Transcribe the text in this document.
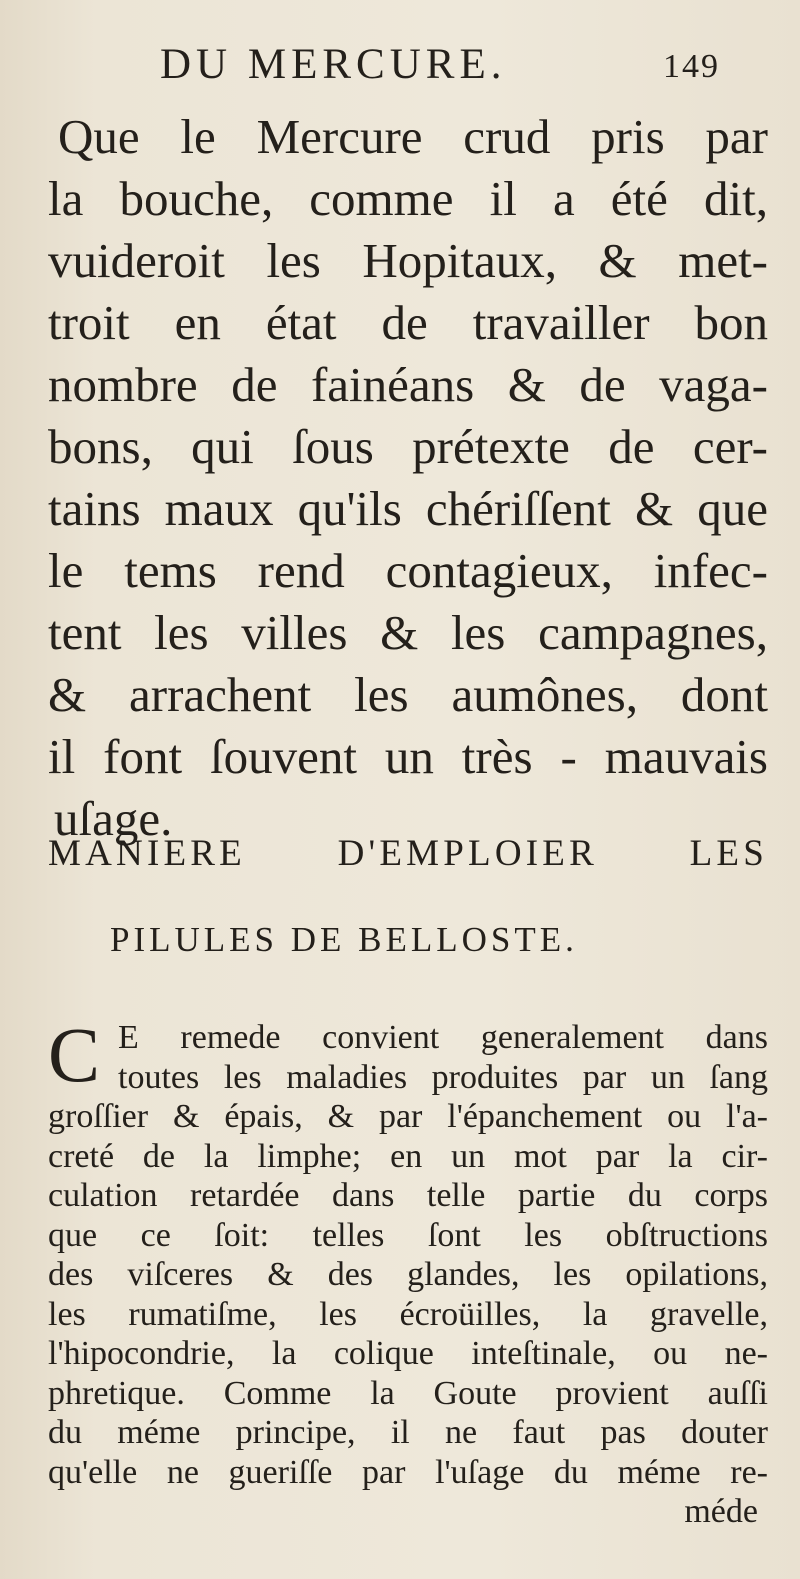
DU MERCURE.	149
Que le Mercure crud pris par
la bouche, comme il a été dit,
vuideroit les Hopitaux, & met-
troit en état de travailler bon
nombre de fainéans & de vaga-
bons, qui ſous prétexte de cer-
tains maux qu'ils chériſſent & que
le tems rend contagieux, infec-
tent les villes & les campagnes,
& arrachent les aumônes, dont
il font ſouvent un très - mauvais
uſage.
MANIERE D'EMPLOIER LES
PILULES DE BELLOSTE.
C E remede convient generalement dans
toutes les maladies produites par un ſang
groſſier & épais, & par l'épanchement ou l'a-
creté de la limphe; en un mot par la cir-
culation retardée dans telle partie du corps
que ce ſoit: telles ſont les obſtructions
des viſceres & des glandes, les opilations,
les rumatiſme, les écroüilles, la gravelle,
l'hipocondrie, la colique inteſtinale, ou ne-
phretique. Comme la Goute provient auſſi
du méme principe, il ne faut pas douter
qu'elle ne gueriſſe par l'uſage du méme re-
méde
